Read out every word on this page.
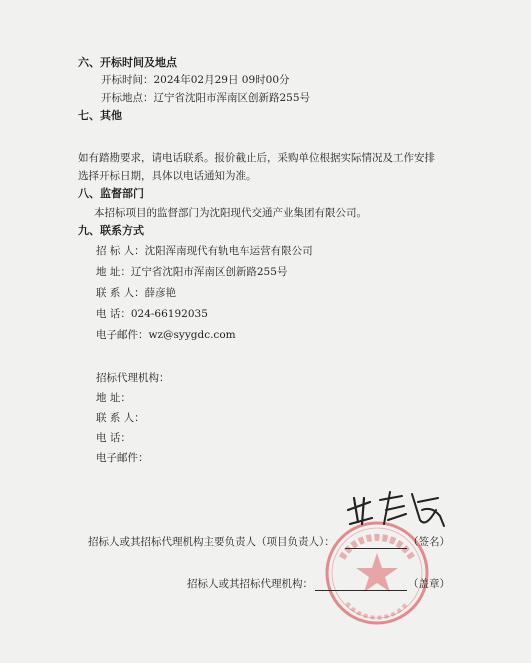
六、开标时间及地点
开标时间：2024年02月29日 09时00分
开标地点：辽宁省沈阳市浑南区创新路255号
七、其他
如有踏勘要求，请电话联系。报价截止后，采购单位根据实际情况及工作安排
选择开标日期，具体以电话通知为准。
八、监督部门
本招标项目的监督部门为沈阳现代交通产业集团有限公司。
九、联系方式
招 标 人：沈阳浑南现代有轨电车运营有限公司
地 址：辽宁省沈阳市浑南区创新路255号
联 系 人：薛彦艳
电 话：024-66192035
电子邮件：wz@syygdc.com
招标代理机构：
地 址：
联 系 人：
电 话：
电子邮件：
招标人或其招标代理机构主要负责人（项目负责人）：	（签名）
招标人或其招标代理机构：	（盖章）
